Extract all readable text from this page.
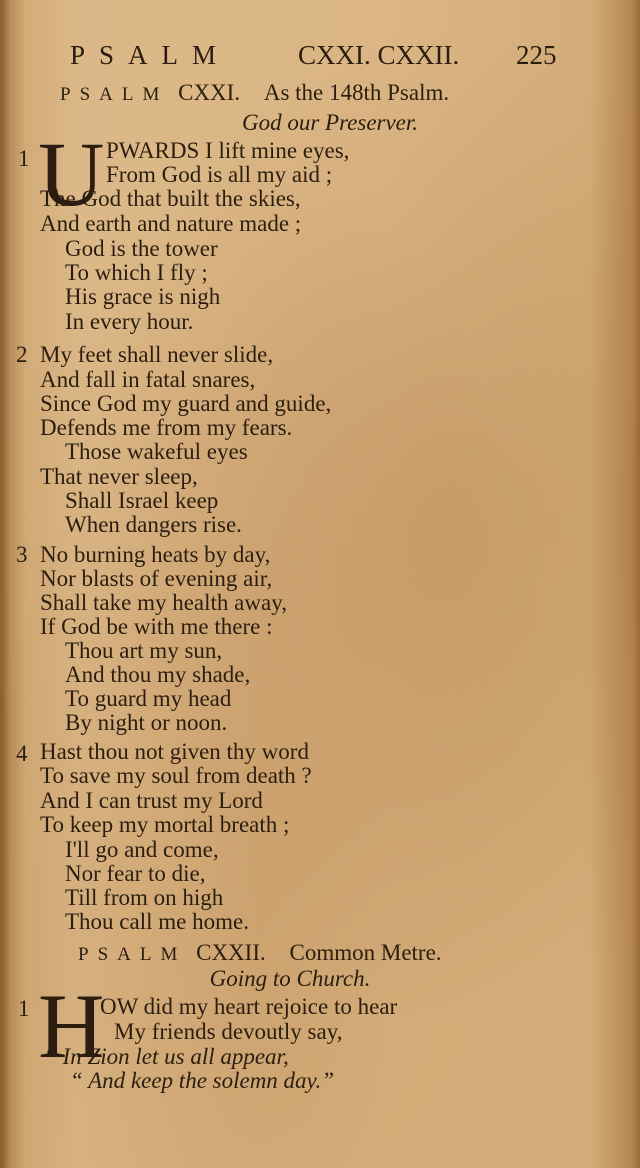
PSALM	CXXI. CXXII. 225
PSALM CXXI. As the 148th Psalm.
God our Preserver.
1 U PWARDS I lift mine eyes,
From God is all my aid ;
The God that built the skies,
And earth and nature made ;
God is the tower
To which I fly ;
His grace is nigh
In every hour.
2 My feet shall never slide,
And fall in fatal snares,
Since God my guard and guide,
Defends me from my fears.
Those wakeful eyes
That never sleep,
Shall Israel keep
When dangers rise.
3 No burning heats by day,
Nor blasts of evening air,
Shall take my health away,
If God be with me there :
Thou art my sun,
And thou my shade,
To guard my head
By night or noon.
4 Hast thou not given thy word
To save my soul from death ?
And I can trust my Lord
To keep my mortal breath ;
I'll go and come,
Nor fear to die,
Till from on high
Thou call me home.
PSALM CXXII. Common Metre.
Going to Church.
1 H
OW did my heart rejoice to hear
My friends devoutly say,
“ In Zion let us all appear,
“ And keep the solemn day.”
